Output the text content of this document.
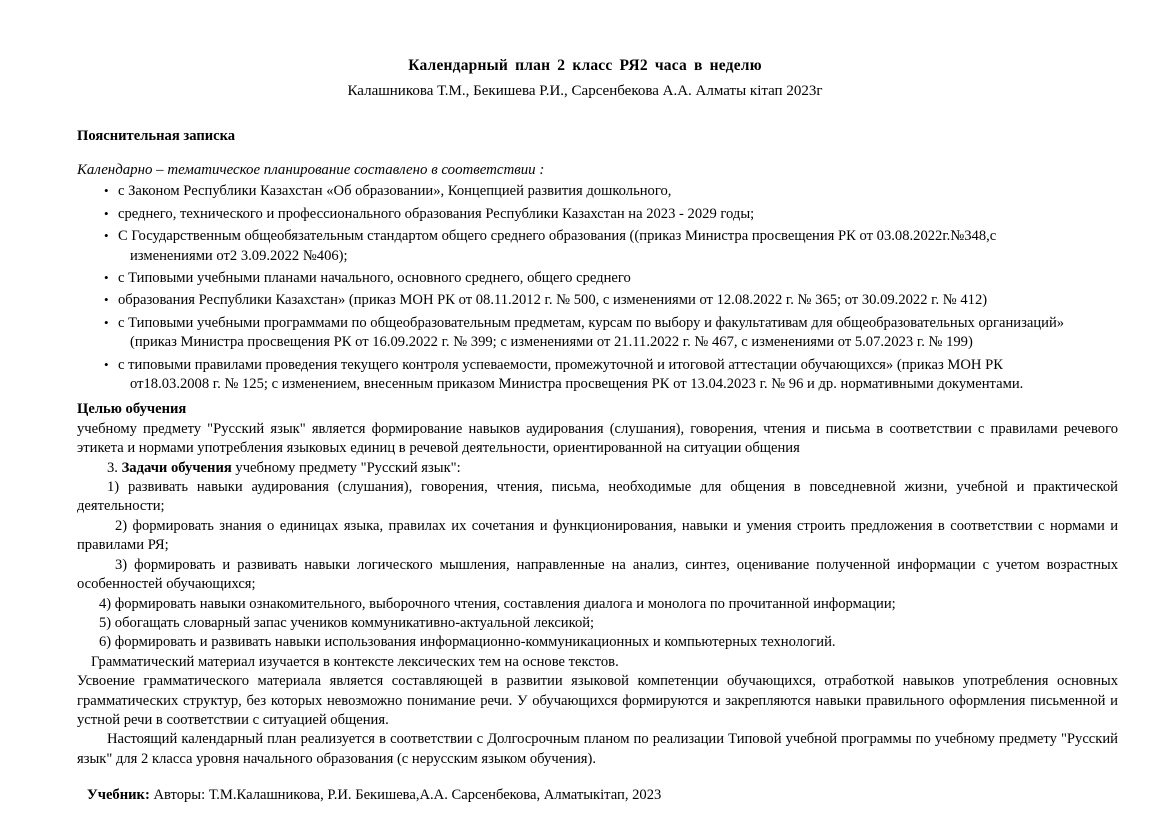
Календарный план 2 класс РЯ2 часа в неделю
Калашникова Т.М., Бекишева Р.И., Сарсенбекова А.А. Алматы кітап 2023г
Пояснительная записка
Календарно – тематическое планирование составлено в соответствии :
• с Законом Республики Казахстан «Об образовании», Концепцией развития дошкольного,
• среднего, технического и профессионального образования Республики Казахстан на 2023 - 2029 годы;
• С Государственным общеобязательным стандартом общего среднего образования ((приказ Министра просвещения РК от 03.08.2022г.№348,с
изменениями от2 3.09.2022 №406);
• с Типовыми учебными планами начального, основного среднего, общего среднего
• образования Республики Казахстан» (приказ МОН РК от 08.11.2012 г. № 500, с изменениями от 12.08.2022 г. № 365; от 30.09.2022 г. № 412)
• с Типовыми учебными программами по общеобразовательным предметам, курсам по выбору и факультативам для общеобразовательных организаций»
(приказ Министра просвещения РК от 16.09.2022 г. № 399; с изменениями от 21.11.2022 г. № 467, с изменениями от 5.07.2023 г. № 199)
• с типовыми правилами проведения текущего контроля успеваемости, промежуточной и итоговой аттестации обучающихся» (приказ МОН РК
от18.03.2008 г. № 125; с изменением, внесенным приказом Министра просвещения РК от 13.04.2023 г. № 96 и др. нормативными документами.
Целью обучения

учебному предмету "Русский язык" является формирование навыков аудирования (слушания), говорения, чтения и письма в соответствии с правилами речевого этикета и нормами употребления языковых единиц в речевой деятельности, ориентированной на ситуации общения

3. Задачи обучения учебному предмету "Русский язык":

1) развивать навыки аудирования (слушания), говорения, чтения, письма, необходимые для общения в повседневной жизни, учебной и практической деятельности;

2) формировать знания о единицах языка, правилах их сочетания и функционирования, навыки и умения строить предложения в соответствии с нормами и правилами РЯ;

3) формировать и развивать навыки логического мышления, направленные на анализ, синтез, оценивание полученной информации с учетом возрастных особенностей обучающихся;

4) формировать навыки ознакомительного, выборочного чтения, составления диалога и монолога по прочитанной информации;

5) обогащать словарный запас учеников коммуникативно-актуальной лексикой;

6) формировать и развивать навыки использования информационно-коммуникационных и компьютерных технологий.

Грамматический материал изучается в контексте лексических тем на основе текстов.

Усвоение грамматического материала является составляющей в развитии языковой компетенции обучающихся, отработкой навыков употребления основных грамматических структур, без которых невозможно понимание речи. У обучающихся формируются и закрепляются навыки правильного оформления письменной и устной речи в соответствии с ситуацией общения.

Настоящий календарный план реализуется в соответствии с Долгосрочным планом по реализации Типовой учебной программы по учебному предмету "Русский язык" для 2 класса уровня начального образования (с нерусским языком обучения).

Учебник: Авторы: Т.М.Калашникова, Р.И. Бекишева,А.А. Сарсенбекова, Алматыкітап, 2023
